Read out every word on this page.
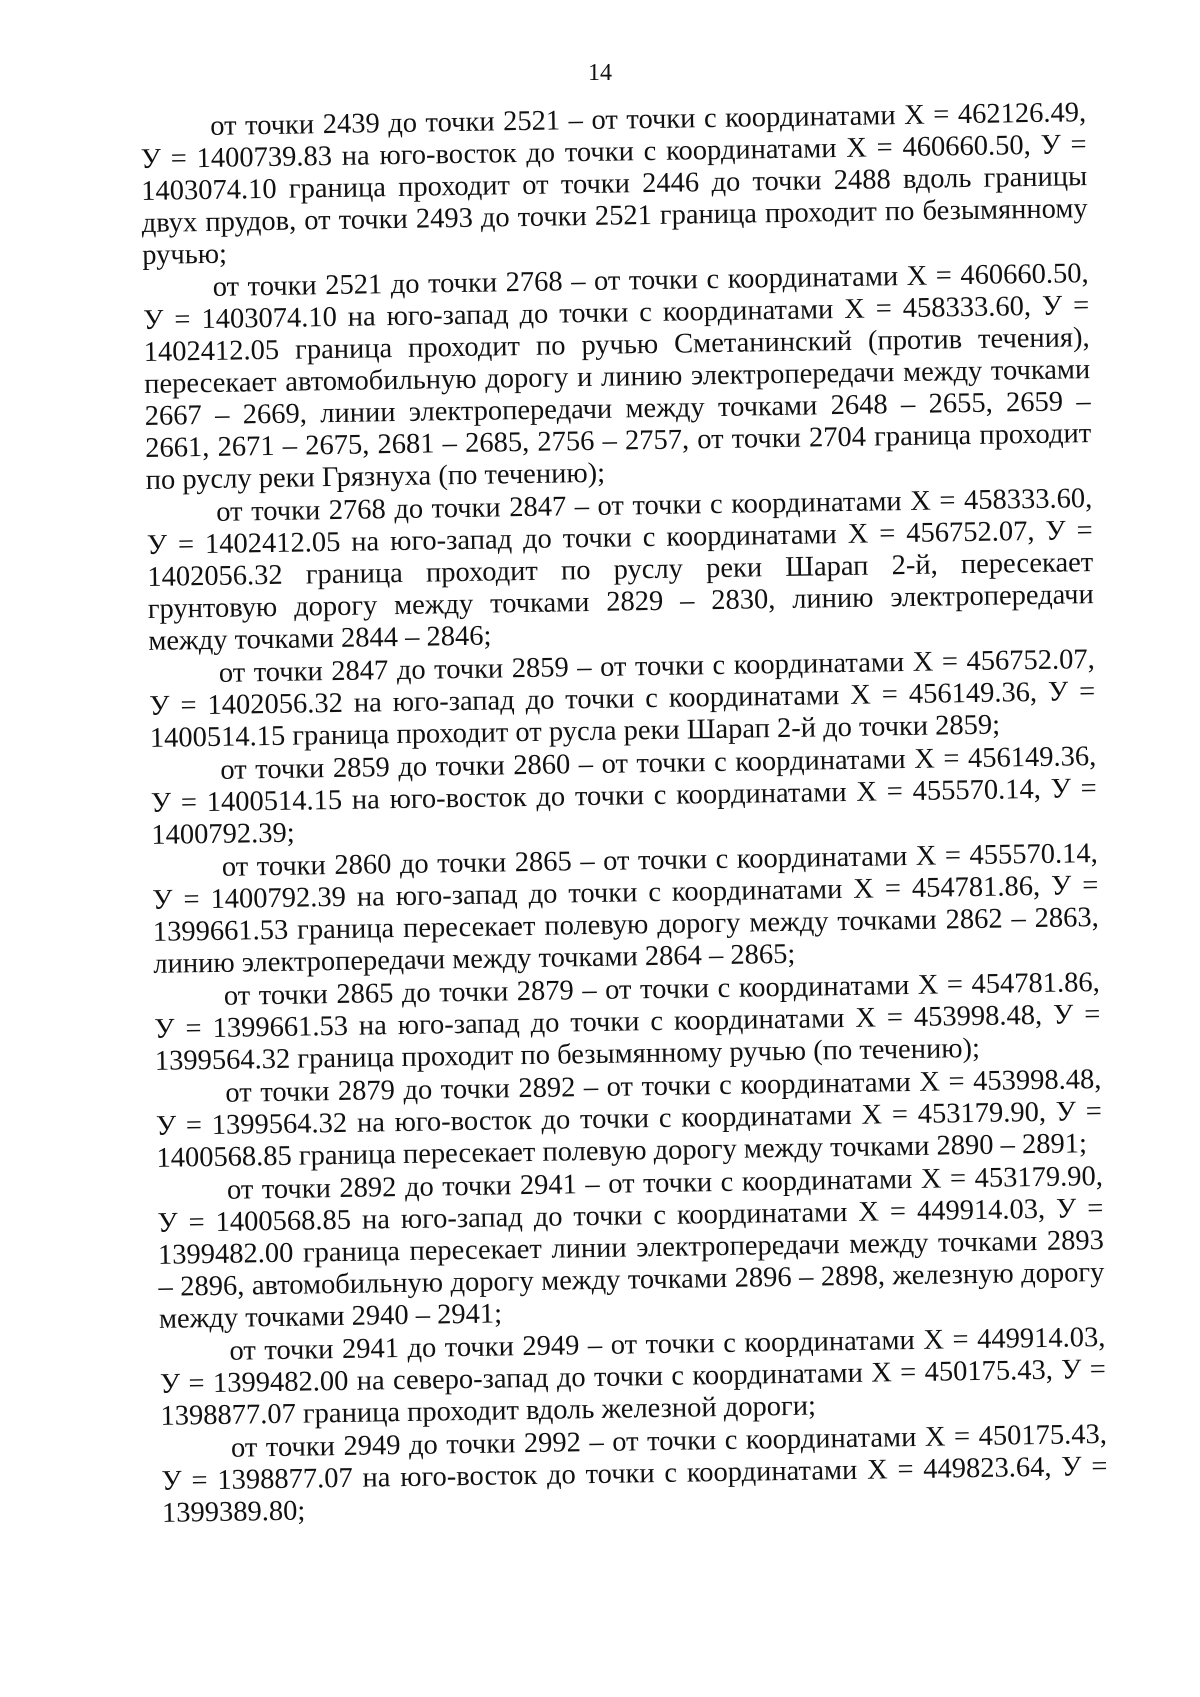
14

от точки 2439 до точки 2521 – от точки с координатами Х = 462126.49, У = 1400739.83 на юго-восток до точки с координатами Х = 460660.50, У = 1403074.10 граница проходит от точки 2446 до точки 2488 вдоль границы двух прудов, от точки 2493 до точки 2521 граница проходит по безымянному ручью;

от точки 2521 до точки 2768 – от точки с координатами Х = 460660.50, У = 1403074.10 на юго-запад до точки с координатами Х = 458333.60, У = 1402412.05 граница проходит по ручью Сметанинский (против течения), пересекает автомобильную дорогу и линию электропередачи между точками 2667 – 2669, линии электропередачи между точками 2648 – 2655, 2659 – 2661, 2671 – 2675, 2681 – 2685, 2756 – 2757, от точки 2704 граница проходит по руслу реки Грязнуха (по течению);

от точки 2768 до точки 2847 – от точки с координатами Х = 458333.60, У = 1402412.05 на юго-запад до точки с координатами Х = 456752.07, У = 1402056.32 граница проходит по руслу реки Шарап 2-й, пересекает грунтовую дорогу между точками 2829 – 2830, линию электропередачи между точками 2844 – 2846;

от точки 2847 до точки 2859 – от точки с координатами Х = 456752.07, У = 1402056.32 на юго-запад до точки с координатами Х = 456149.36, У = 1400514.15 граница проходит от русла реки Шарап 2-й до точки 2859;

от точки 2859 до точки 2860 – от точки с координатами Х = 456149.36, У = 1400514.15 на юго-восток до точки с координатами Х = 455570.14, У = 1400792.39;

от точки 2860 до точки 2865 – от точки с координатами Х = 455570.14, У = 1400792.39 на юго-запад до точки с координатами Х = 454781.86, У = 1399661.53 граница пересекает полевую дорогу между точками 2862 – 2863, линию электропередачи между точками 2864 – 2865;

от точки 2865 до точки 2879 – от точки с координатами Х = 454781.86, У = 1399661.53 на юго-запад до точки с координатами Х = 453998.48, У = 1399564.32 граница проходит по безымянному ручью (по течению);

от точки 2879 до точки 2892 – от точки с координатами Х = 453998.48, У = 1399564.32 на юго-восток до точки с координатами Х = 453179.90, У = 1400568.85 граница пересекает полевую дорогу между точками 2890 – 2891;

от точки 2892 до точки 2941 – от точки с координатами Х = 453179.90, У = 1400568.85 на юго-запад до точки с координатами Х = 449914.03, У = 1399482.00 граница пересекает линии электропередачи между точками 2893 – 2896, автомобильную дорогу между точками 2896 – 2898, железную дорогу между точками 2940 – 2941;

от точки 2941 до точки 2949 – от точки с координатами Х = 449914.03, У = 1399482.00 на северо-запад до точки с координатами Х = 450175.43, У = 1398877.07 граница проходит вдоль железной дороги;

от точки 2949 до точки 2992 – от точки с координатами Х = 450175.43, У = 1398877.07 на юго-восток до точки с координатами Х = 449823.64, У = 1399389.80;
